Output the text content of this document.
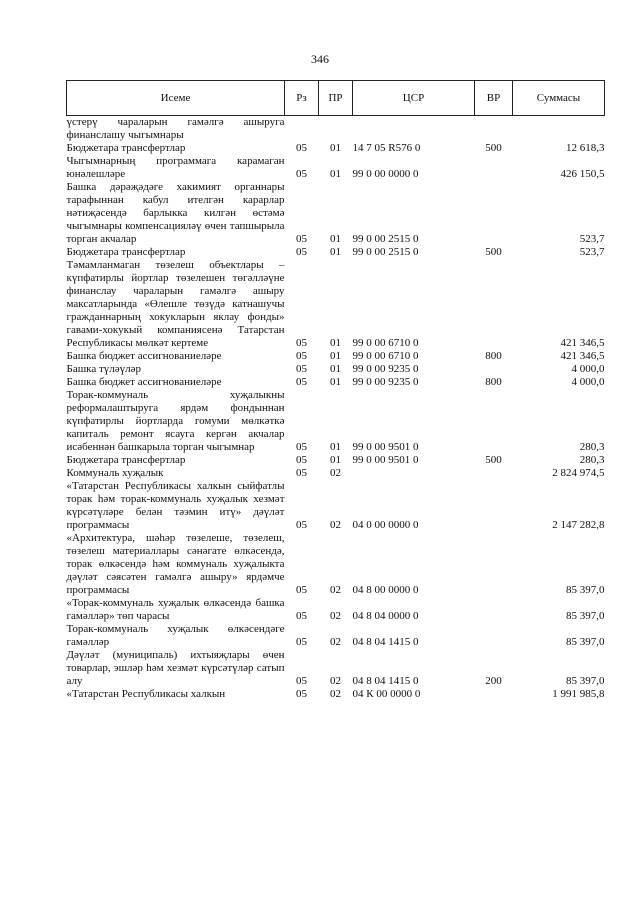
346
Исеме	Рз	ПР	ЦСР	ВР	Суммасы
үстерү чараларын гамәлгә ашыруга финанслашу чыгымнары					
Бюджетара трансфертлар	05	01	14 7 05 R576 0	500	12 618,3
Чыгымнарның программага карамаган юнәлешләре	05	01	99 0 00 0000 0		426 150,5
Башка дәрәҗәдәге хакимият органнары тарафыннан кабул ителгән карарлар нәтиҗәсендә барлыкка килгән өстәмә чыгымнары компенсацияләү өчен тапшырыла торган акчалар	05	01	99 0 00 2515 0		523,7
Бюджетара трансфертлар	05	01	99 0 00 2515 0	500	523,7
Тәмамланмаган төзелеш объектлары – күпфатирлы йортлар төзелешен төгәлләүне финанслау чараларын гамәлгә ашыру максатларында «Өлешле төзүдә катнашучы гражданнарның хокукларын яклау фонды» гавами-хокукый компаниясенә Татарстан Республикасы мөлкәт кертеме	05	01	99 0 00 6710 0		421 346,5
Башка бюджет ассигнованиеләре	05	01	99 0 00 6710 0	800	421 346,5
Башка түләүләр	05	01	99 0 00 9235 0		4 000,0
Башка бюджет ассигнованиеләре	05	01	99 0 00 9235 0	800	4 000,0
Торак-коммуналь хуҗалыкны реформалаштыруга ярдәм фондыннан күпфатирлы йортларда гомуми мөлкәткә капиталь ремонт ясауга кергән акчалар исәбеннән башкарыла торган чыгымнар	05	01	99 0 00 9501 0		280,3
Бюджетара трансфертлар	05	01	99 0 00 9501 0	500	280,3
Коммуналь хуҗалык	05	02			2 824 974,5
«Татарстан Республикасы халкын сыйфатлы торак һәм торак-коммуналь хуҗалык хезмәт күрсәтүләре белән тәэмин итү» дәүләт программасы	05	02	04 0 00 0000 0		2 147 282,8
«Архитектура, шәһәр төзелеше, төзелеш, төзелеш материаллары сәнәгате өлкәсендә, торак өлкәсендә һәм коммуналь хуҗалыкта дәүләт сәясәтен гамәлгә ашыру» ярдәмче программасы	05	02	04 8 00 0000 0		85 397,0
«Торак-коммуналь хуҗалык өлкәсендә башка гамәлләр» төп чарасы	05	02	04 8 04 0000 0		85 397,0
Торак-коммуналь хуҗалык өлкәсендәге гамәлләр	05	02	04 8 04 1415 0		85 397,0
Дәүләт (муниципаль) ихтыяҗлары өчен товарлар, эшләр һәм хезмәт күрсәтүләр сатып алу	05	02	04 8 04 1415 0	200	85 397,0
«Татарстан Республикасы халкын	05	02	04 К 00 0000 0		1 991 985,8
